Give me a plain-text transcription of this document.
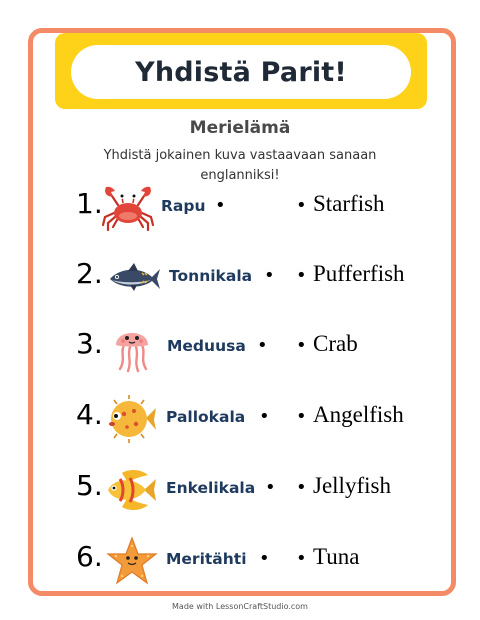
Yhdistä Parit!
Merielämä
Yhdistä jokainen kuva vastaavaan sanaan englanniksi!
1.	Rapu •	• Starfish
2.	Tonnikala • • Pufferfish
3.	Meduusa • • Crab
4.	Pallokala • • Angelfish
5.	Enkelikala • • Jellyfish
6.	Meritähti • • Tuna
Made with LessonCraftStudio.com
